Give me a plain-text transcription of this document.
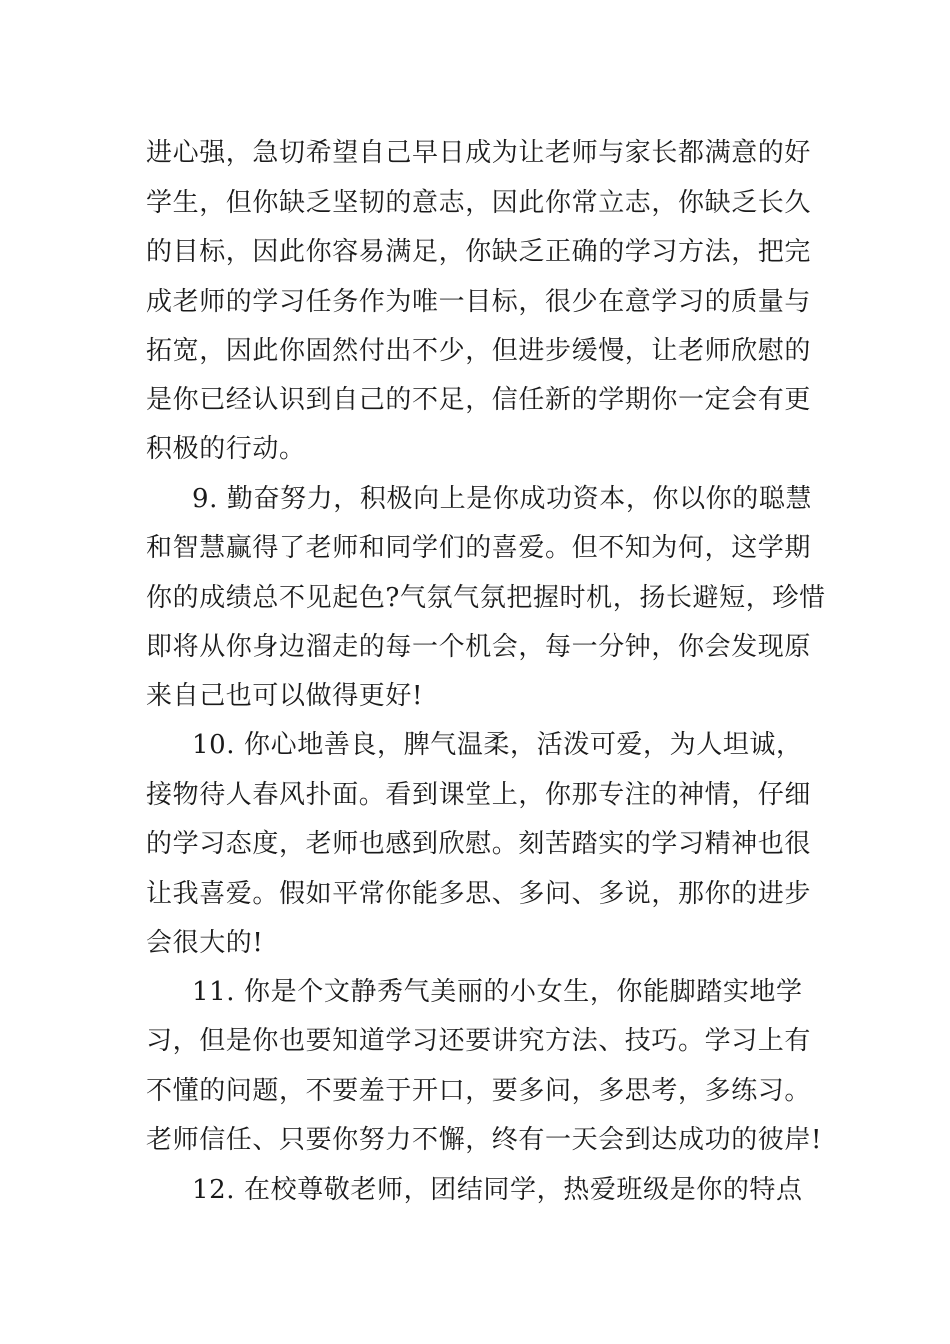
进心强，急切希望自己早日成为让老师与家长都满意的好
学生，但你缺乏坚韧的意志，因此你常立志，你缺乏长久
的目标，因此你容易满足，你缺乏正确的学习方法，把完
成老师的学习任务作为唯一目标，很少在意学习的质量与
拓宽，因此你固然付出不少，但进步缓慢，让老师欣慰的
是你已经认识到自己的不足，信任新的学期你一定会有更
积极的行动。
9. 勤奋努力，积极向上是你成功资本，你以你的聪慧
和智慧赢得了老师和同学们的喜爱。但不知为何，这学期
你的成绩总不见起色?气氛气氛把握时机，扬长避短，珍惜
即将从你身边溜走的每一个机会，每一分钟，你会发现原
来自己也可以做得更好!
10. 你心地善良，脾气温柔，活泼可爱，为人坦诚，
接物待人春风扑面。看到课堂上，你那专注的神情，仔细
的学习态度，老师也感到欣慰。刻苦踏实的学习精神也很
让我喜爱。假如平常你能多思、多问、多说，那你的进步
会很大的!
11. 你是个文静秀气美丽的小女生，你能脚踏实地学
习，但是你也要知道学习还要讲究方法、技巧。学习上有
不懂的问题，不要羞于开口，要多问，多思考，多练习。
老师信任、只要你努力不懈，终有一天会到达成功的彼岸!
12. 在校尊敬老师，团结同学，热爱班级是你的特点
